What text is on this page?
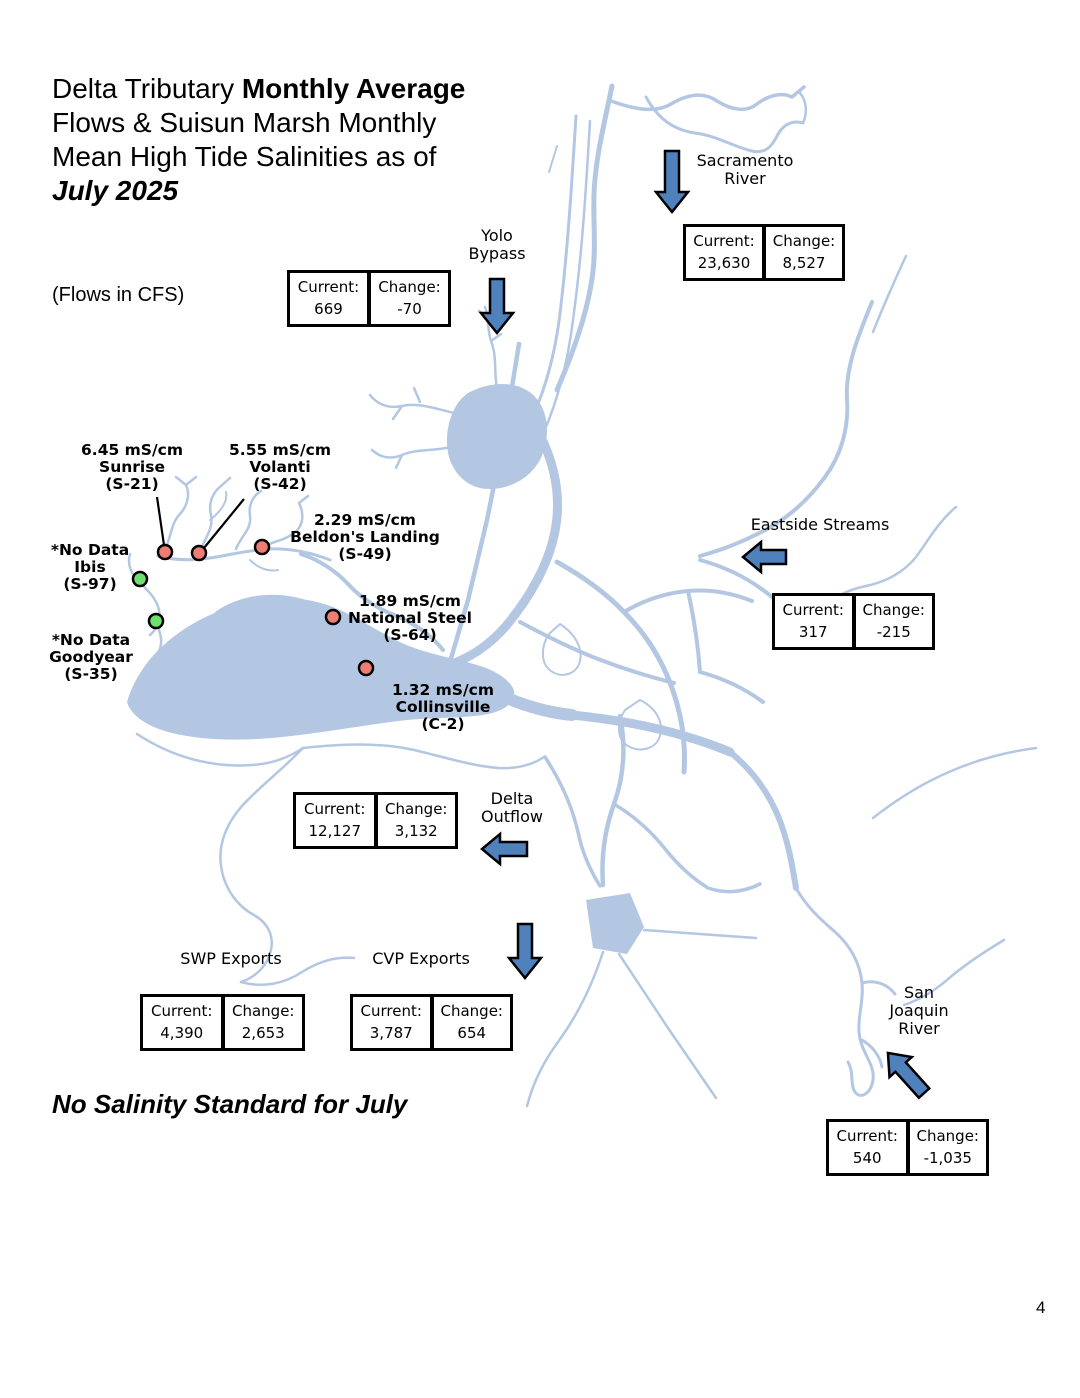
Delta Tributary Monthly Average
Flows & Suisun Marsh Monthly
Mean High Tide Salinities as of
July 2025
(Flows in CFS)
Sacramento
River
Yolo
Bypass
Eastside Streams
Delta
Outflow
SWP Exports	CVP Exports
San
Joaquin
River
Current:
23,630
Change:
8,527
Current:
669
Change:
-70
Current:
317
Change:
-215
Current:
12,127
Change:
3,132
Current:
4,390
Change:
2,653
Current:
3,787
Change:
654
Current:
540
Change:
-1,035
6.45 mS/cm
Sunrise
(S-21)
5.55 mS/cm
Volanti
(S-42)
2.29 mS/cm
Beldon's Landing
(S-49)
*No Data
Ibis
(S-97)
1.89 mS/cm
National Steel
(S-64)
*No Data
Goodyear
(S-35)
1.32 mS/cm
Collinsville
(C-2)
No Salinity Standard for July
4
